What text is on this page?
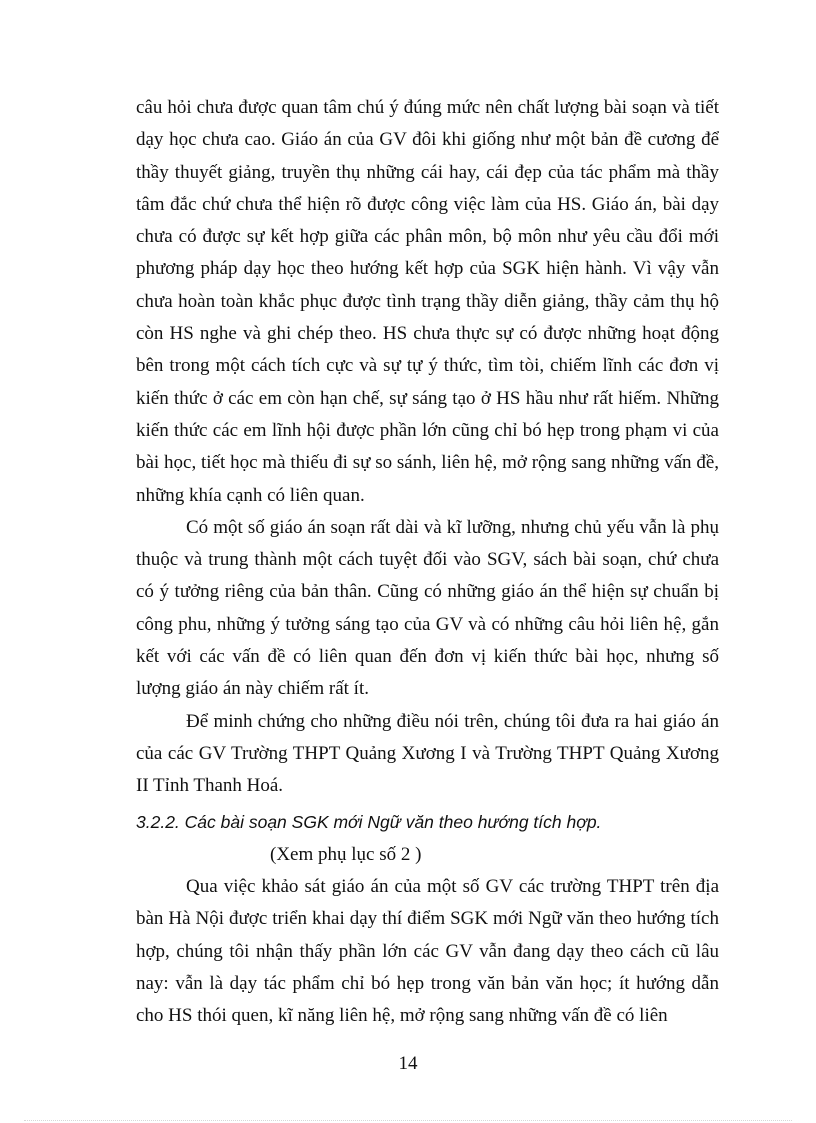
câu hỏi chưa được quan tâm chú ý đúng mức nên chất lượng bài soạn và tiết dạy học chưa cao. Giáo án của GV đôi khi giống như một bản đề cương để thầy thuyết giảng, truyền thụ những cái hay, cái đẹp của tác phẩm mà thầy tâm đắc chứ chưa thể hiện rõ được công việc làm của HS. Giáo án, bài dạy chưa có được sự kết hợp giữa các phân môn, bộ môn như yêu cầu đổi mới phương pháp dạy học theo hướng kết hợp của SGK hiện hành. Vì vậy vẫn chưa hoàn toàn khắc phục được tình trạng thầy diễn giảng, thầy cảm thụ hộ còn HS nghe và ghi chép theo. HS chưa thực sự có được những hoạt động bên trong một cách tích cực và sự tự ý thức, tìm tòi, chiếm lĩnh các đơn vị kiến thức ở các em còn hạn chế, sự sáng tạo ở HS hầu như rất hiếm. Những kiến thức các em lĩnh hội được phần lớn cũng chỉ bó hẹp trong phạm vi của bài học, tiết học mà thiếu đi sự so sánh, liên hệ, mở rộng sang những vấn đề, những khía cạnh có liên quan.

Có một số giáo án soạn rất dài và kĩ lưỡng, nhưng chủ yếu vẫn là phụ thuộc và trung thành một cách tuyệt đối vào SGV, sách bài soạn, chứ chưa có ý tưởng riêng của bản thân. Cũng có những giáo án thể hiện sự chuẩn bị công phu, những ý tưởng sáng tạo của GV và có những câu hỏi liên hệ, gắn kết với các vấn đề có liên quan đến đơn vị kiến thức bài học, nhưng số lượng giáo án này chiếm rất ít.

Để minh chứng cho những điều nói trên, chúng tôi đưa ra hai giáo án của các GV Trường THPT Quảng Xương I và Trường THPT Quảng Xương II Tỉnh Thanh Hoá.

3.2.2. Các bài soạn SGK mới Ngữ văn theo hướng tích hợp.

(Xem phụ lục số 2 )

Qua việc khảo sát giáo án của một số GV các trường THPT trên địa bàn Hà Nội được triển khai dạy thí điểm SGK mới Ngữ văn theo hướng tích hợp, chúng tôi nhận thấy phần lớn các GV vẫn đang dạy theo cách cũ lâu nay: vẫn là dạy tác phẩm chỉ bó hẹp trong văn bản văn học; ít hướng dẫn cho HS thói quen, kĩ năng liên hệ, mở rộng sang những vấn đề có liên

14
